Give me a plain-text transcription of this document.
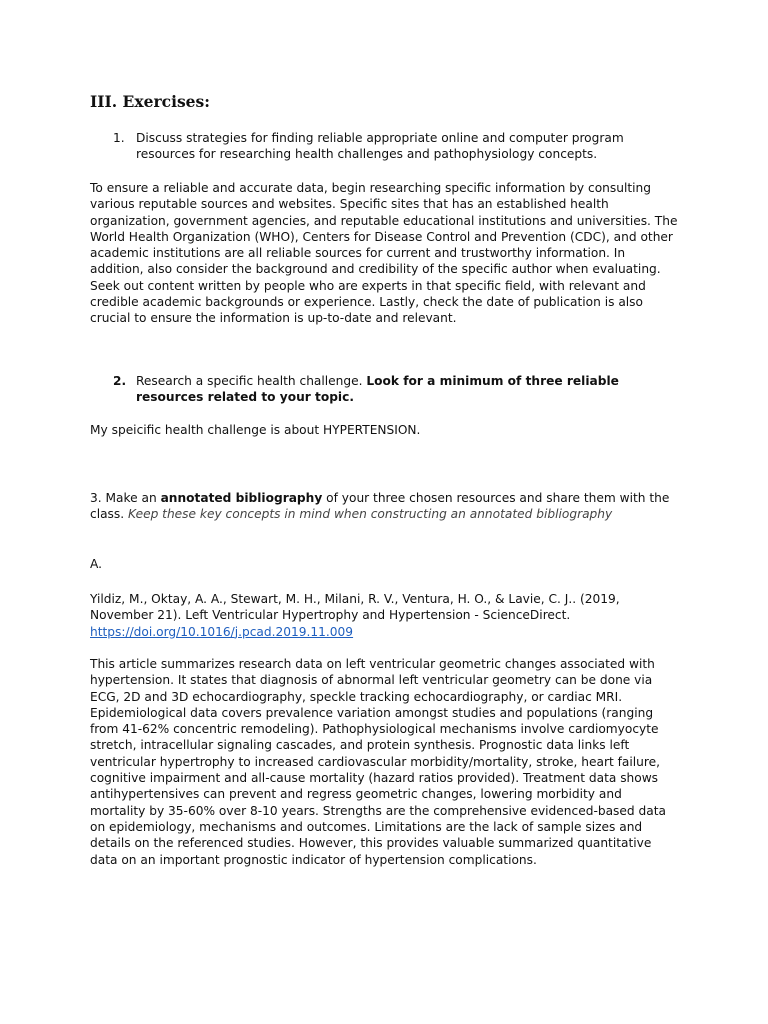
III. Exercises:
1. Discuss strategies for finding reliable appropriate online and computer program resources for researching health challenges and pathophysiology concepts.

To ensure a reliable and accurate data, begin researching specific information by consulting various reputable sources and websites. Specific sites that has an established health organization, government agencies, and reputable educational institutions and universities. The World Health Organization (WHO), Centers for Disease Control and Prevention (CDC), and other academic institutions are all reliable sources for current and trustworthy information. In addition, also consider the background and credibility of the specific author when evaluating. Seek out content written by people who are experts in that specific field, with relevant and credible academic backgrounds or experience. Lastly, check the date of publication is also crucial to ensure the information is up-to-date and relevant.

2. Research a specific health challenge. Look for a minimum of three reliable resources related to your topic.

My speicific health challenge is about HYPERTENSION.

3. Make an annotated bibliography of your three chosen resources and share them with the class. Keep these key concepts in mind when constructing an annotated bibliography

A.

Yildiz, M., Oktay, A. A., Stewart, M. H., Milani, R. V., Ventura, H. O., & Lavie, C. J.. (2019, November 21). Left Ventricular Hypertrophy and Hypertension - ScienceDirect.
https://doi.org/10.1016/j.pcad.2019.11.009

This article summarizes research data on left ventricular geometric changes associated with hypertension. It states that diagnosis of abnormal left ventricular geometry can be done via ECG, 2D and 3D echocardiography, speckle tracking echocardiography, or cardiac MRI. Epidemiological data covers prevalence variation amongst studies and populations (ranging from 41-62% concentric remodeling). Pathophysiological mechanisms involve cardiomyocyte stretch, intracellular signaling cascades, and protein synthesis. Prognostic data links left ventricular hypertrophy to increased cardiovascular morbidity/mortality, stroke, heart failure, cognitive impairment and all-cause mortality (hazard ratios provided). Treatment data shows antihypertensives can prevent and regress geometric changes, lowering morbidity and mortality by 35-60% over 8-10 years. Strengths are the comprehensive evidenced-based data on epidemiology, mechanisms and outcomes. Limitations are the lack of sample sizes and details on the referenced studies. However, this provides valuable summarized quantitative data on an important prognostic indicator of hypertension complications.
